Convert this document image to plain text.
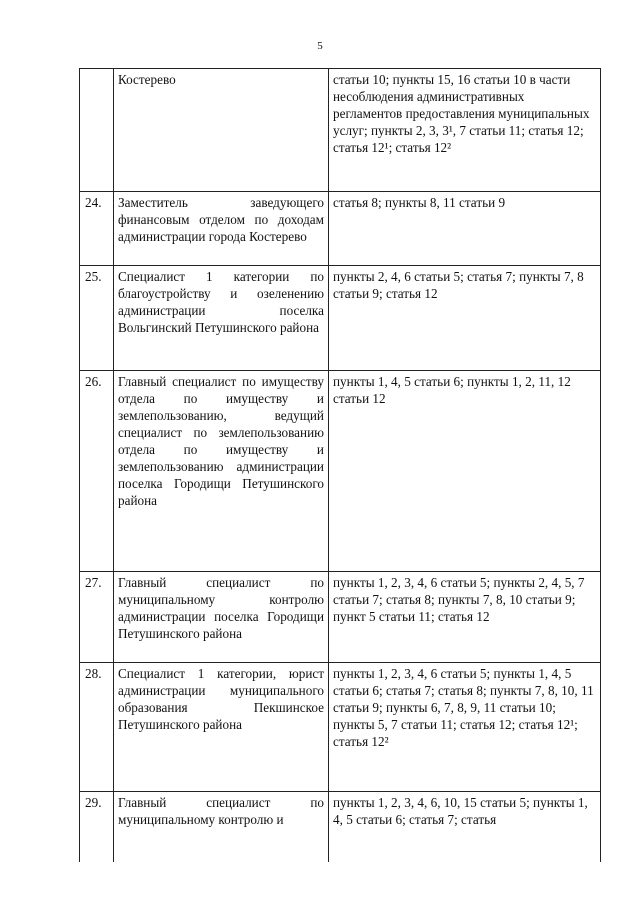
5
	Костерево	статьи 10; пункты 15, 16 статьи 10 в части несоблюдения административных регламентов предоставления муниципальных услуг; пункты 2, 3, 3¹, 7 статьи 11; статья 12; статья 12¹; статья 12²
24.	Заместитель заведующего финансовым отделом по доходам администрации города Костерево	статья 8; пункты 8, 11 статьи 9
25.	Специалист 1 категории по благоустройству и озеленению администрации поселка Вольгинский Петушинского района	пункты 2, 4, 6 статьи 5; статья 7; пункты 7, 8 статьи 9; статья 12
26.	Главный специалист по имуществу отдела по имуществу и землепользованию, ведущий специалист по землепользованию отдела по имуществу и землепользованию администрации поселка Городищи Петушинского района	пункты 1, 4, 5 статьи 6; пункты 1, 2, 11, 12 статьи 12
27.	Главный специалист по муниципальному контролю администрации поселка Городищи Петушинского района	пункты 1, 2, 3, 4, 6 статьи 5; пункты 2, 4, 5, 7 статьи 7; статья 8; пункты 7, 8, 10 статьи 9; пункт 5 статьи 11; статья 12
28.	Специалист 1 категории, юрист администрации муниципального образования Пекшинское Петушинского района	пункты 1, 2, 3, 4, 6 статьи 5; пункты 1, 4, 5 статьи 6; статья 7; статья 8; пункты 7, 8, 10, 11 статьи 9; пункты 6, 7, 8, 9, 11 статьи 10; пункты 5, 7 статьи 11; статья 12; статья 12¹; статья 12²
29.	Главный специалист по муниципальному контролю и	пункты 1, 2, 3, 4, 6, 10, 15 статьи 5; пункты 1, 4, 5 статьи 6; статья 7; статья
